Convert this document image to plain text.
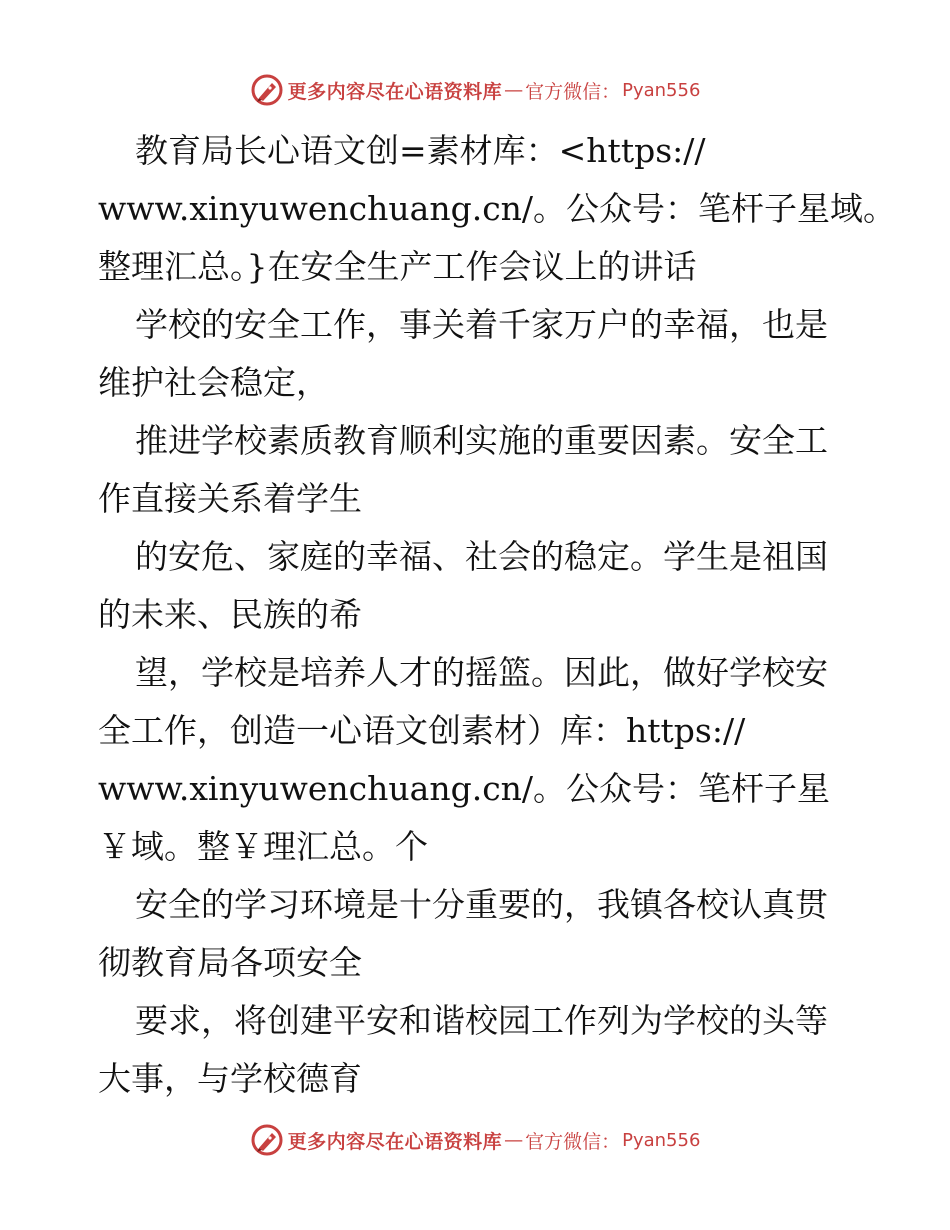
更多内容尽在心语资料库 — 官方微信： Pyan556
教育局长心语文创=素材库：<https://
www.xinyuwenchuang.cn/。公众号：笔杆子星域。
整理汇总。}在安全生产工作会议上的讲话
学校的安全工作，事关着千家万户的幸福，也是
维护社会稳定，
推进学校素质教育顺利实施的重要因素。安全工
作直接关系着学生
的安危、家庭的幸福、社会的稳定。学生是祖国
的未来、民族的希
望，学校是培养人才的摇篮。因此，做好学校安
全工作，创造一心语文创素材）库：https://
www.xinyuwenchuang.cn/。公众号：笔杆子星
￥域。整￥理汇总。个
安全的学习环境是十分重要的，我镇各校认真贯
彻教育局各项安全
要求，将创建平安和谐校园工作列为学校的头等
大事，与学校德育
更多内容尽在心语资料库 — 官方微信： Pyan556
